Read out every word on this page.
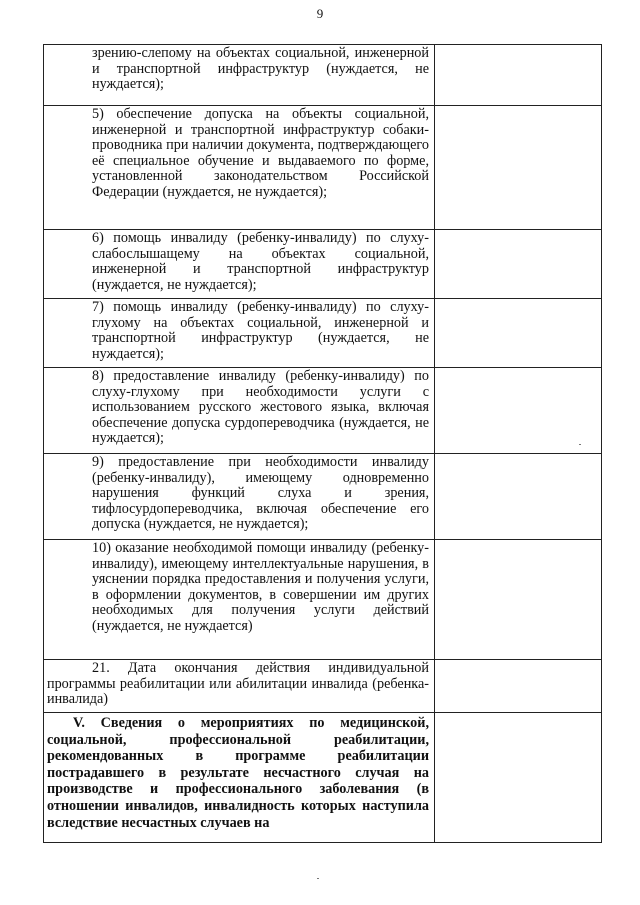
9
зрению-слепому на объектах социальной, инженерной и транспортной инфраструктур (нуждается, не нуждается);	

5) обеспечение допуска на объекты социальной, инженерной и транспортной инфраструктур собаки-проводника при наличии документа, подтверждающего её специальное обучение и выдаваемого по форме, установленной законодательством Российской Федерации (нуждается, не нуждается);	

6) помощь инвалиду (ребенку-инвалиду) по слуху-слабослышащему на объектах социальной, инженерной и транспортной инфраструктур (нуждается, не нуждается);	

7) помощь инвалиду (ребенку-инвалиду) по слуху-глухому на объектах социальной, инженерной и транспортной инфраструктур (нуждается, не нуждается);	

8) предоставление инвалиду (ребенку-инвалиду) по слуху-глухому при необходимости услуги с использованием русского жестового языка, включая обеспечение допуска сурдопереводчика (нуждается, не нуждается);	

9) предоставление при необходимости инвалиду (ребенку-инвалиду), имеющему одновременно нарушения функций слуха и зрения, тифлосурдопереводчика, включая обеспечение его допуска (нуждается, не нуждается);	

10) оказание необходимой помощи инвалиду (ребенку-инвалиду), имеющему интеллектуальные нарушения, в уяснении порядка предоставления и получения услуги, в оформлении документов, в совершении им других необходимых для получения услуги действий (нуждается, не нуждается)	

21. Дата окончания действия индивидуальной программы реабилитации или абилитации инвалида (ребенка-инвалида)	

V. Сведения о мероприятиях по медицинской, социальной, профессиональной реабилитации, рекомендованных в программе реабилитации пострадавшего в результате несчастного случая на производстве и профессионального заболевания (в отношении инвалидов, инвалидность которых наступила вследствие несчастных случаев на	
